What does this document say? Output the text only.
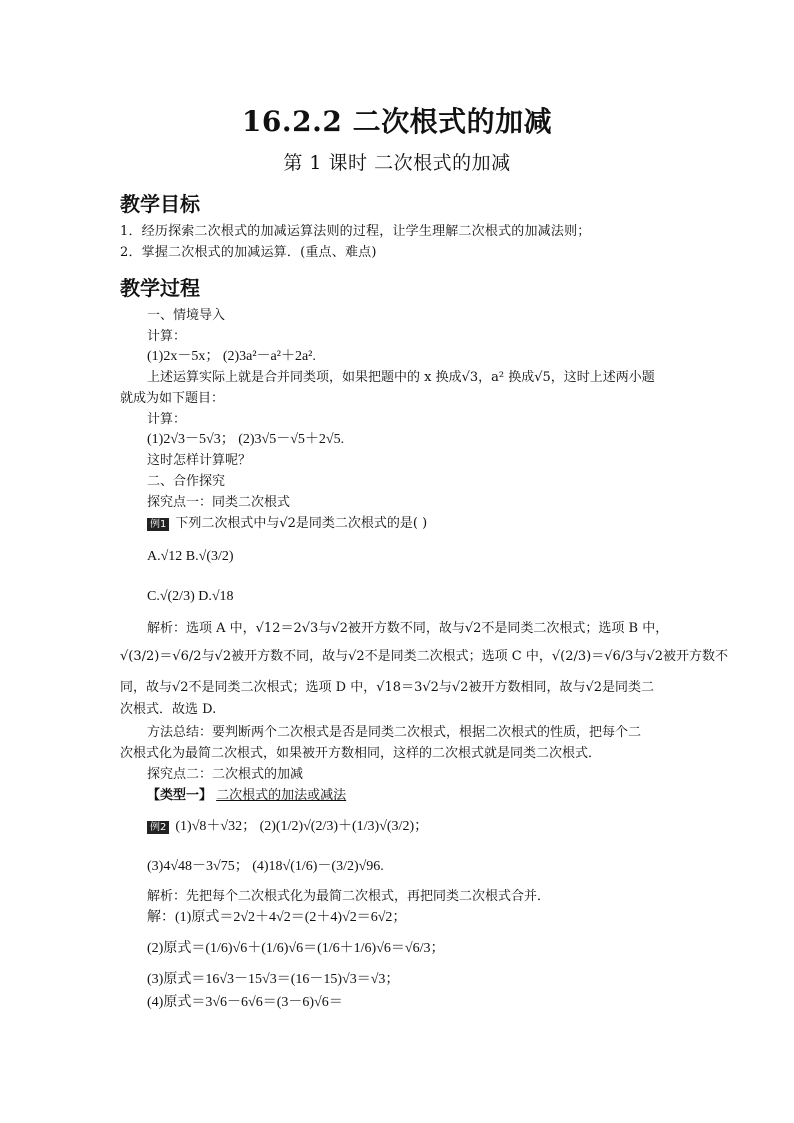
16.2.2 二次根式的加减
第 1 课时 二次根式的加减
教学目标
1．经历探索二次根式的加减运算法则的过程，让学生理解二次根式的加减法则；
2．掌握二次根式的加减运算．(重点、难点)
教学过程
一、情境导入
计算：
(1)2x－5x； (2)3a²－a²＋2a².
上述运算实际上就是合并同类项，如果把题中的 x 换成√3，a² 换成√5，这时上述两小题
就成为如下题目：
计算：
(1)2√3－5√3； (2)3√5－√5＋2√5.
这时怎样计算呢？
二、合作探究
探究点一：同类二次根式
例1 下列二次根式中与√2是同类二次根式的是( )
A.√12 B.√(3/2)
C.√(2/3) D.√18
解析：选项 A 中，√12＝2√3与√2被开方数不同，故与√2不是同类二次根式；选项 B 中，
√(3/2)＝√6/2与√2被开方数不同，故与√2不是同类二次根式；选项 C 中，√(2/3)＝√6/3与√2被开方数不
同，故与√2不是同类二次根式；选项 D 中，√18＝3√2与√2被开方数相同，故与√2是同类二
次根式．故选 D.
方法总结：要判断两个二次根式是否是同类二次根式，根据二次根式的性质，把每个二
次根式化为最简二次根式，如果被开方数相同，这样的二次根式就是同类二次根式．
探究点二：二次根式的加减
【类型一】 二次根式的加法或减法
例2 (1)√8＋√32； (2)(1/2)√(2/3)＋(1/3)√(3/2)；
(3)4√48－3√75； (4)18√(1/6)－(3/2)√96.
解析：先把每个二次根式化为最简二次根式，再把同类二次根式合并．
解：(1)原式＝2√2＋4√2＝(2＋4)√2＝6√2；
(2)原式＝(1/6)√6＋(1/6)√6＝(1/6＋1/6)√6＝√6/3；
(3)原式＝16√3－15√3＝(16－15)√3＝√3；
(4)原式＝3√6－6√6＝(3－6)√6＝
